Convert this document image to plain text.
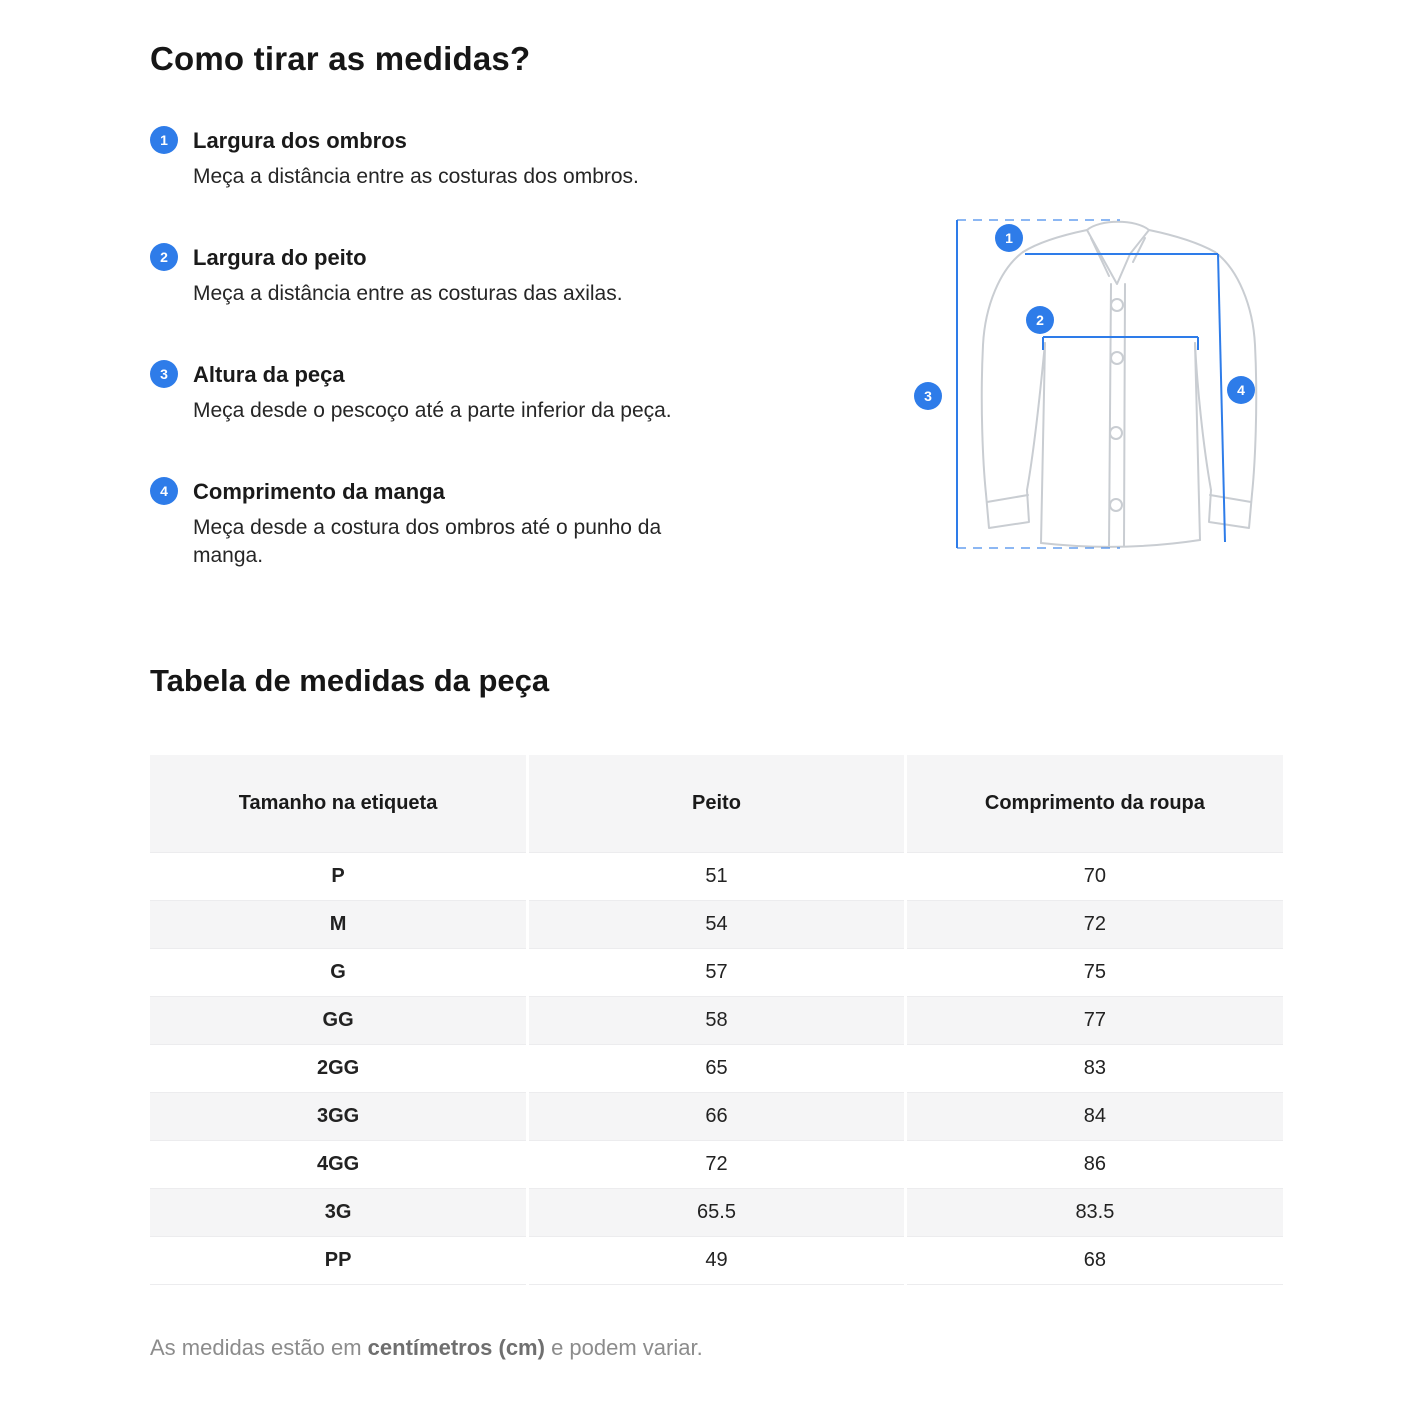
Como tirar as medidas?
1	Largura dos ombros
Meça a distância entre as costuras dos ombros.
2	Largura do peito
Meça a distância entre as costuras das axilas.
3	Altura da peça
Meça desde o pescoço até a parte inferior da peça.
4	Comprimento da manga
Meça desde a costura dos ombros até o punho da manga.
1
2
3	4
Tabela de medidas da peça
Tamanho na etiqueta	Peito	Comprimento da roupa
P	51	70
M	54	72
G	57	75
GG	58	77
2GG	65	83
3GG	66	84
4GG	72	86
3G	65.5	83.5
PP	49	68

As medidas estão em centímetros (cm) e podem variar.
